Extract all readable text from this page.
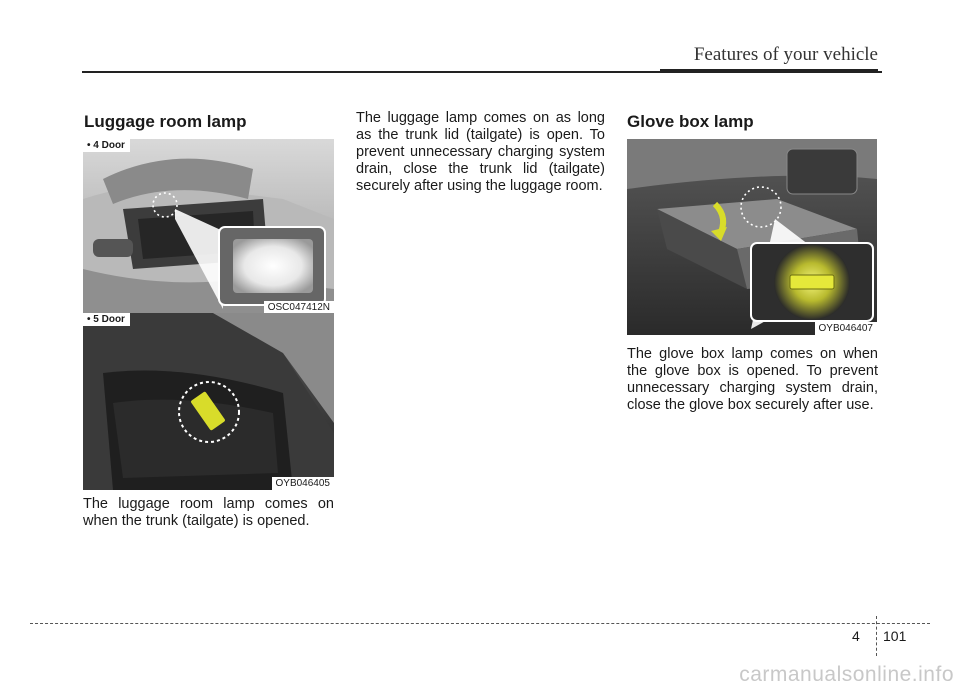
Features of your vehicle
Luggage room lamp
• 4 Door
OSC047412N
• 5 Door
OYB046405

The luggage room lamp comes on when the trunk (tailgate) is opened.

The luggage lamp comes on as long as the trunk lid (tailgate) is open. To prevent unnecessary charging system drain, close the trunk lid (tailgate) securely after using the luggage room.

Glove box lamp
OYB046407

The glove box lamp comes on when the glove box is opened. To prevent unnecessary charging system drain, close the glove box securely after use.

4 101
carmanualsonline.info
